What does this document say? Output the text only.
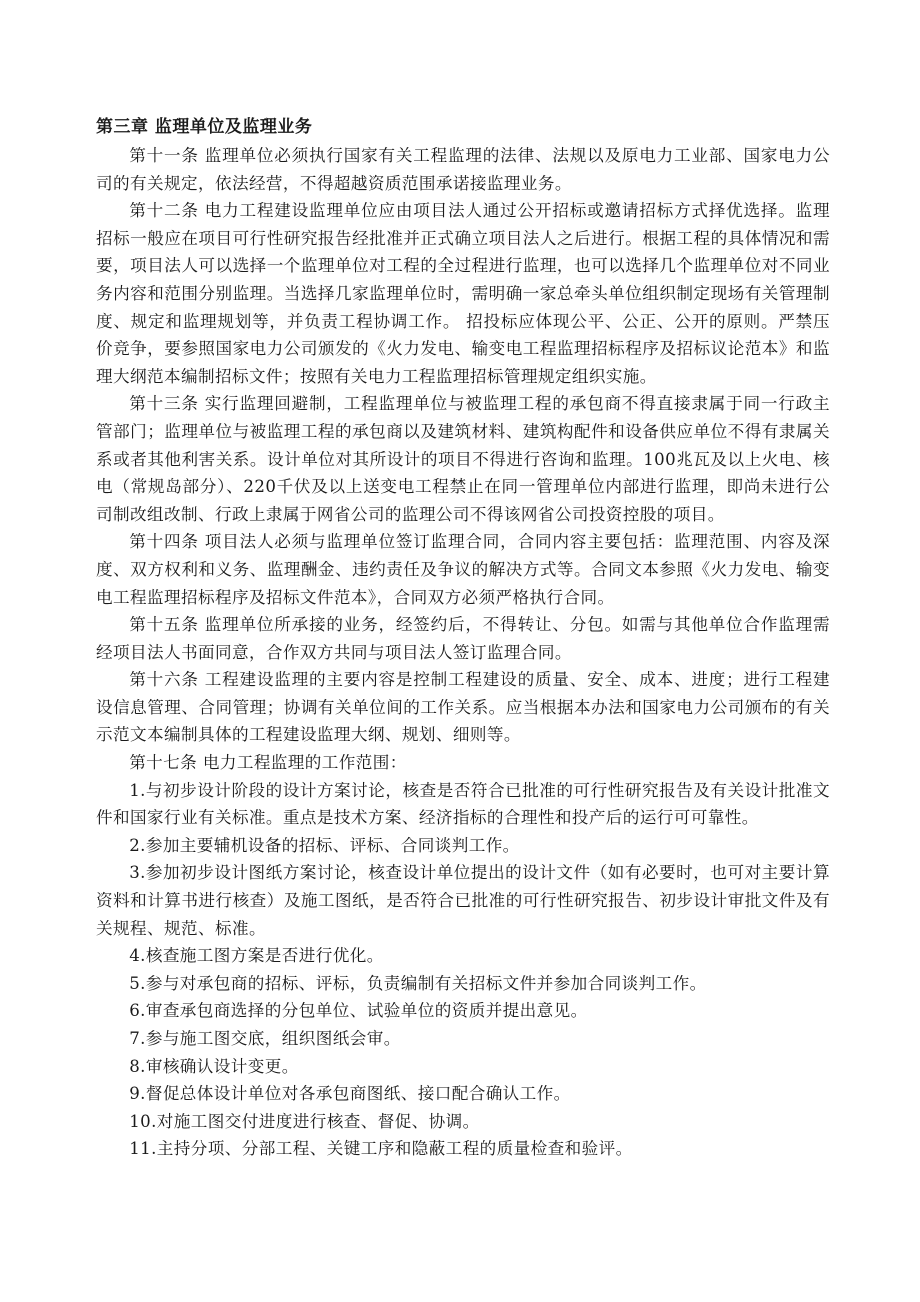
第三章 监理单位及监理业务

第十一条 监理单位必须执行国家有关工程监理的法律、法规以及原电力工业部、国家电力公司的有关规定，依法经营，不得超越资质范围承诺接监理业务。

第十二条 电力工程建设监理单位应由项目法人通过公开招标或邀请招标方式择优选择。监理招标一般应在项目可行性研究报告经批准并正式确立项目法人之后进行。根据工程的具体情况和需要，项目法人可以选择一个监理单位对工程的全过程进行监理，也可以选择几个监理单位对不同业务内容和范围分别监理。当选择几家监理单位时，需明确一家总牵头单位组织制定现场有关管理制度、规定和监理规划等，并负责工程协调工作。 招投标应体现公平、公正、公开的原则。严禁压价竞争，要参照国家电力公司颁发的《火力发电、输变电工程监理招标程序及招标议论范本》和监理大纲范本编制招标文件；按照有关电力工程监理招标管理规定组织实施。

第十三条 实行监理回避制，工程监理单位与被监理工程的承包商不得直接隶属于同一行政主管部门；监理单位与被监理工程的承包商以及建筑材料、建筑构配件和设备供应单位不得有隶属关系或者其他利害关系。设计单位对其所设计的项目不得进行咨询和监理。100兆瓦及以上火电、核电（常规岛部分）、220千伏及以上送变电工程禁止在同一管理单位内部进行监理，即尚未进行公司制改组改制、行政上隶属于网省公司的监理公司不得该网省公司投资控股的项目。

第十四条 项目法人必须与监理单位签订监理合同，合同内容主要包括：监理范围、内容及深度、双方权利和义务、监理酬金、违约责任及争议的解决方式等。合同文本参照《火力发电、输变电工程监理招标程序及招标文件范本》，合同双方必须严格执行合同。

第十五条 监理单位所承接的业务，经签约后，不得转让、分包。如需与其他单位合作监理需经项目法人书面同意，合作双方共同与项目法人签订监理合同。

第十六条 工程建设监理的主要内容是控制工程建设的质量、安全、成本、进度；进行工程建设信息管理、合同管理；协调有关单位间的工作关系。应当根据本办法和国家电力公司颁布的有关示范文本编制具体的工程建设监理大纲、规划、细则等。

第十七条 电力工程监理的工作范围：

1.与初步设计阶段的设计方案讨论，核查是否符合已批准的可行性研究报告及有关设计批准文件和国家行业有关标准。重点是技术方案、经济指标的合理性和投产后的运行可可靠性。

2.参加主要辅机设备的招标、评标、合同谈判工作。

3.参加初步设计图纸方案讨论，核查设计单位提出的设计文件（如有必要时，也可对主要计算资料和计算书进行核查）及施工图纸，是否符合已批准的可行性研究报告、初步设计审批文件及有关规程、规范、标准。

4.核查施工图方案是否进行优化。

5.参与对承包商的招标、评标，负责编制有关招标文件并参加合同谈判工作。

6.审查承包商选择的分包单位、试验单位的资质并提出意见。

7.参与施工图交底，组织图纸会审。

8.审核确认设计变更。

9.督促总体设计单位对各承包商图纸、接口配合确认工作。

10.对施工图交付进度进行核查、督促、协调。

11.主持分项、分部工程、关键工序和隐蔽工程的质量检查和验评。
